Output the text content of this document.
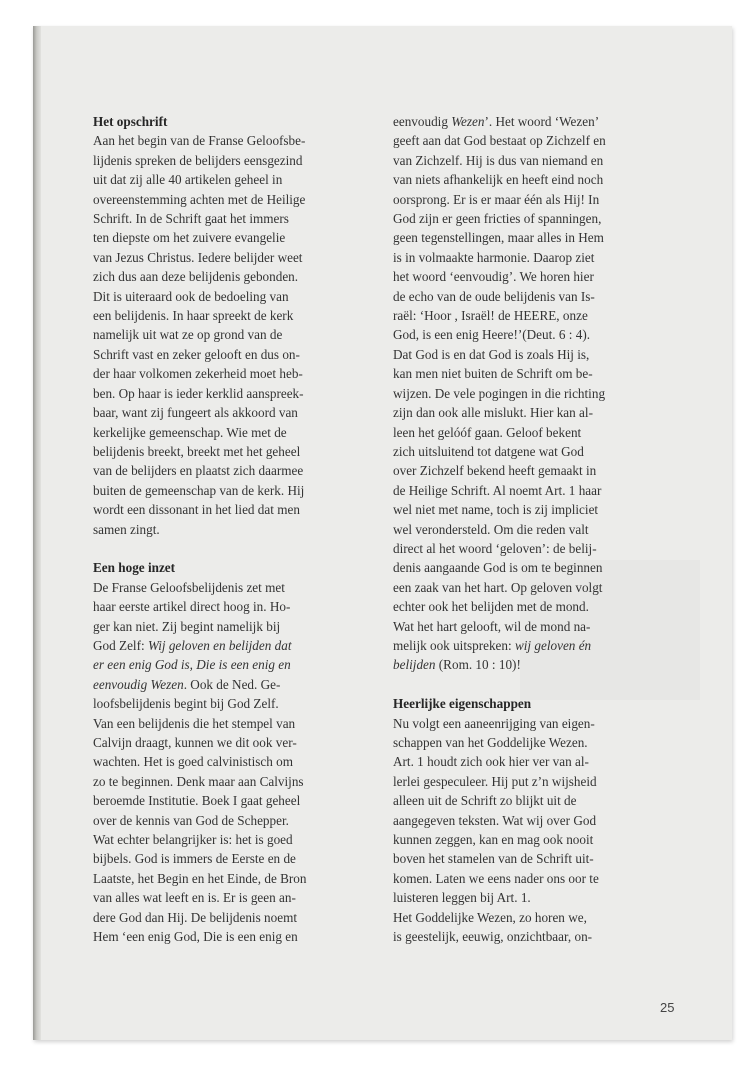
Het opschrift
Aan het begin van de Franse Geloofsbe-
lijdenis spreken de belijders eensgezind
uit dat zij alle 40 artikelen geheel in
overeenstemming achten met de Heilige
Schrift. In de Schrift gaat het immers
ten diepste om het zuivere evangelie
van Jezus Christus. Iedere belijder weet
zich dus aan deze belijdenis gebonden.
Dit is uiteraard ook de bedoeling van
een belijdenis. In haar spreekt de kerk
namelijk uit wat ze op grond van de
Schrift vast en zeker gelooft en dus on-
der haar volkomen zekerheid moet heb-
ben. Op haar is ieder kerklid aanspreek-
baar, want zij fungeert als akkoord van
kerkelijke gemeenschap. Wie met de
belijdenis breekt, breekt met het geheel
van de belijders en plaatst zich daarmee
buiten de gemeenschap van de kerk. Hij
wordt een dissonant in het lied dat men
samen zingt.
Een hoge inzet
De Franse Geloofsbelijdenis zet met
haar eerste artikel direct hoog in. Ho-
ger kan niet. Zij begint namelijk bij
God Zelf: Wij geloven en belijden dat
er een enig God is, Die is een enig en
eenvoudig Wezen. Ook de Ned. Ge-
loofsbelijdenis begint bij God Zelf.
Van een belijdenis die het stempel van
Calvijn draagt, kunnen we dit ook ver-
wachten. Het is goed calvinistisch om
zo te beginnen. Denk maar aan Calvijns
beroemde Institutie. Boek I gaat geheel
over de kennis van God de Schepper.
Wat echter belangrijker is: het is goed
bijbels. God is immers de Eerste en de
Laatste, het Begin en het Einde, de Bron
van alles wat leeft en is. Er is geen an-
dere God dan Hij. De belijdenis noemt
Hem ‘een enig God, Die is een enig en
eenvoudig Wezen’. Het woord ‘Wezen’
geeft aan dat God bestaat op Zichzelf en
van Zichzelf. Hij is dus van niemand en
van niets afhankelijk en heeft eind noch
oorsprong. Er is er maar één als Hij! In
God zijn er geen fricties of spanningen,
geen tegenstellingen, maar alles in Hem
is in volmaakte harmonie. Daarop ziet
het woord ‘eenvoudig’. We horen hier
de echo van de oude belijdenis van Is-
raël: ‘Hoor , Israël! de HEERE, onze
God, is een enig Heere!’(Deut. 6 : 4).
Dat God is en dat God is zoals Hij is,
kan men niet buiten de Schrift om be-
wijzen. De vele pogingen in die richting
zijn dan ook alle mislukt. Hier kan al-
leen het gelóóf gaan. Geloof bekent
zich uitsluitend tot datgene wat God
over Zichzelf bekend heeft gemaakt in
de Heilige Schrift. Al noemt Art. 1 haar
wel niet met name, toch is zij impliciet
wel verondersteld. Om die reden valt
direct al het woord ‘geloven’: de belij-
denis aangaande God is om te beginnen
een zaak van het hart. Op geloven volgt
echter ook het belijden met de mond.
Wat het hart gelooft, wil de mond na-
melijk ook uitspreken: wij geloven én
belijden (Rom. 10 : 10)!
Heerlijke eigenschappen
Nu volgt een aaneenrijging van eigen-
schappen van het Goddelijke Wezen.
Art. 1 houdt zich ook hier ver van al-
lerlei gespeculeer. Hij put z’n wijsheid
alleen uit de Schrift zo blijkt uit de
aangegeven teksten. Wat wij over God
kunnen zeggen, kan en mag ook nooit
boven het stamelen van de Schrift uit-
komen. Laten we eens nader ons oor te
luisteren leggen bij Art. 1.
Het Goddelijke Wezen, zo horen we,
is geestelijk, eeuwig, onzichtbaar, on-
25
